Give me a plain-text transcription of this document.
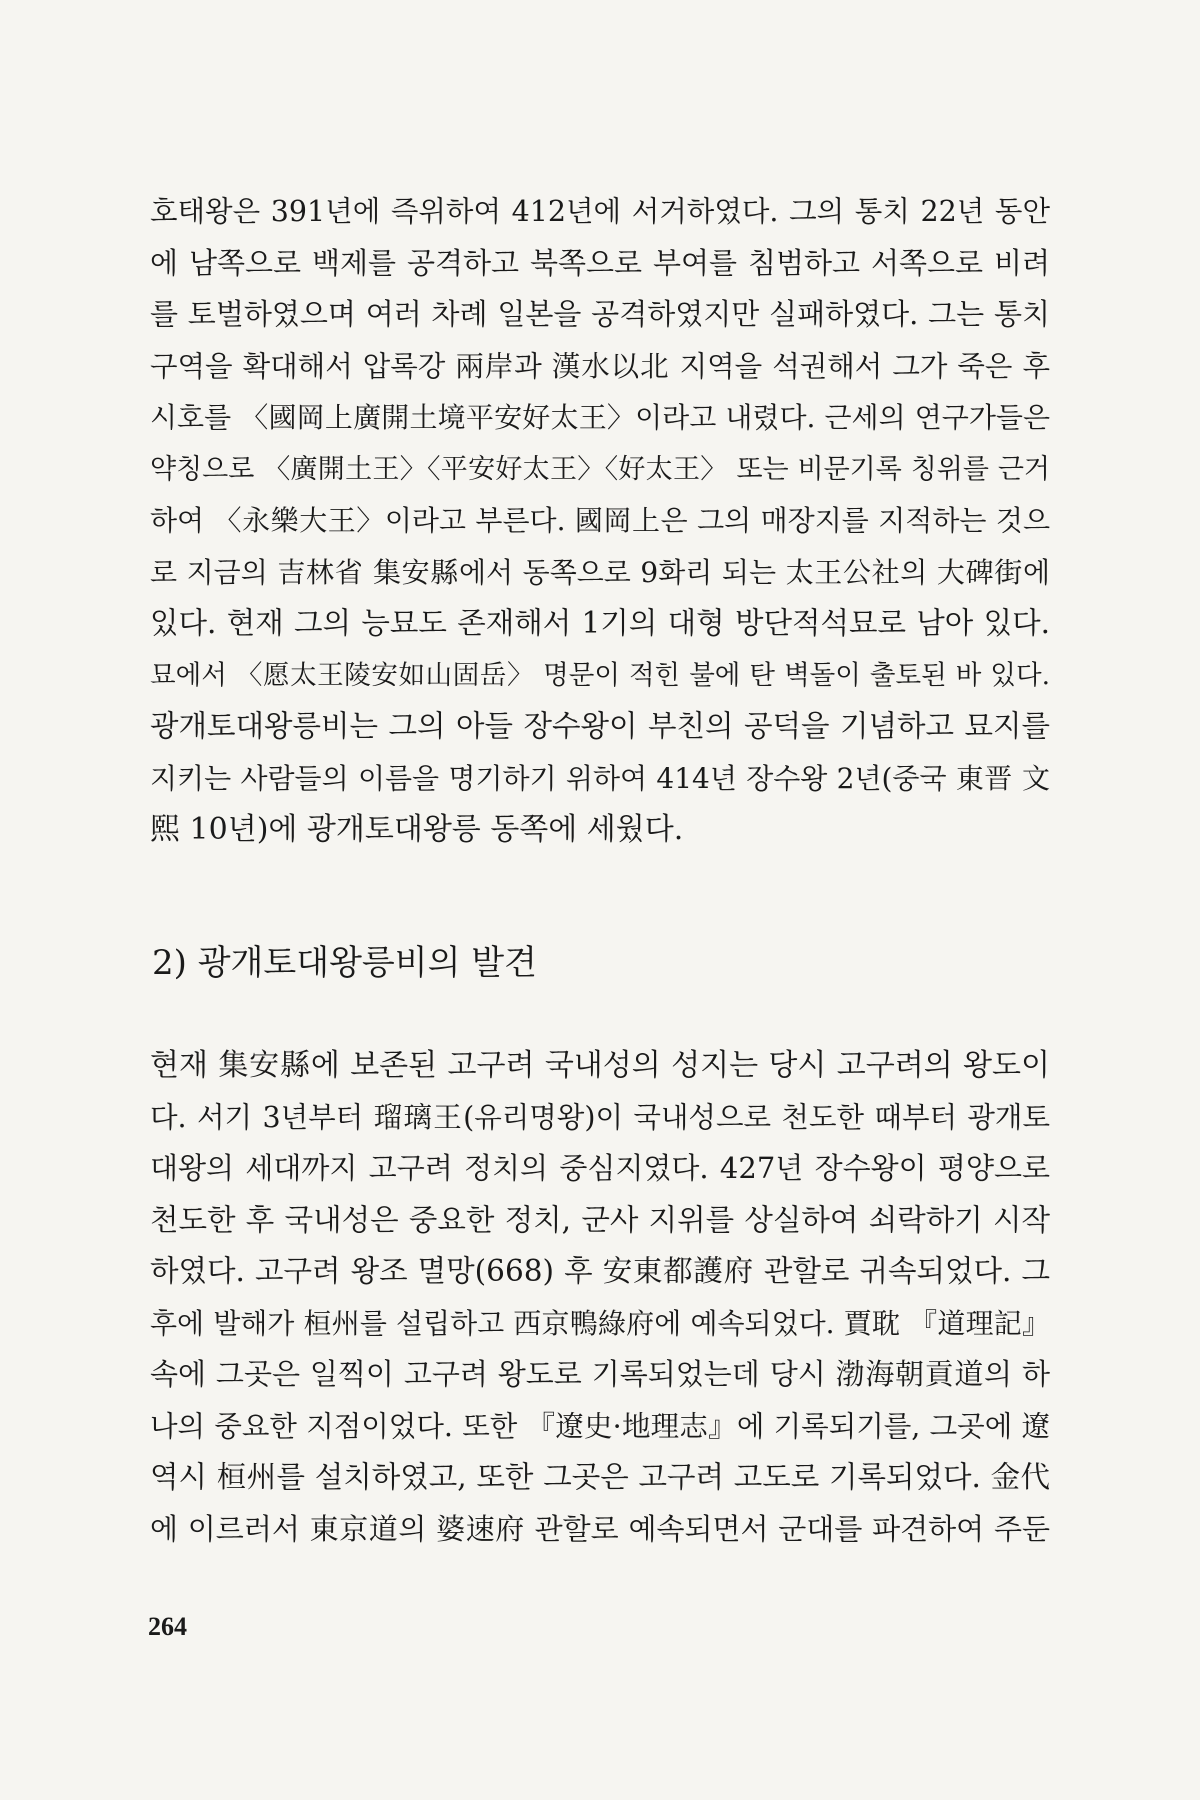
호태왕은 391년에 즉위하여 412년에 서거하였다. 그의 통치 22년 동안
에 남쪽으로 백제를 공격하고 북쪽으로 부여를 침범하고 서쪽으로 비려
를 토벌하였으며 여러 차례 일본을 공격하였지만 실패하였다. 그는 통치
구역을 확대해서 압록강 兩岸과 漢水以北 지역을 석권해서 그가 죽은 후
시호를 〈國岡上廣開土境平安好太王〉이라고 내렸다. 근세의 연구가들은
약칭으로 〈廣開土王〉〈平安好太王〉〈好太王〉 또는 비문기록 칭위를 근거
하여 〈永樂大王〉이라고 부른다. 國岡上은 그의 매장지를 지적하는 것으
로 지금의 吉林省 集安縣에서 동쪽으로 9화리 되는 太王公社의 大碑街에
있다. 현재 그의 능묘도 존재해서 1기의 대형 방단적석묘로 남아 있다.
묘에서 〈愿太王陵安如山固岳〉 명문이 적힌 불에 탄 벽돌이 출토된 바 있다.
광개토대왕릉비는 그의 아들 장수왕이 부친의 공덕을 기념하고 묘지를
지키는 사람들의 이름을 명기하기 위하여 414년 장수왕 2년(중국 東晋 文
熙 10년)에 광개토대왕릉 동쪽에 세웠다.
2) 광개토대왕릉비의 발견
현재 集安縣에 보존된 고구려 국내성의 성지는 당시 고구려의 왕도이
다. 서기 3년부터 瑠璃王(유리명왕)이 국내성으로 천도한 때부터 광개토
대왕의 세대까지 고구려 정치의 중심지였다. 427년 장수왕이 평양으로
천도한 후 국내성은 중요한 정치, 군사 지위를 상실하여 쇠락하기 시작
하였다. 고구려 왕조 멸망(668) 후 安東都護府 관할로 귀속되었다. 그
후에 발해가 桓州를 설립하고 西京鴨綠府에 예속되었다. 賈耽 『道理記』
속에 그곳은 일찍이 고구려 왕도로 기록되었는데 당시 渤海朝貢道의 하
나의 중요한 지점이었다. 또한 『遼史·地理志』에 기록되기를, 그곳에 遼
역시 桓州를 설치하였고, 또한 그곳은 고구려 고도로 기록되었다. 金代
에 이르러서 東京道의 婆速府 관할로 예속되면서 군대를 파견하여 주둔
264
